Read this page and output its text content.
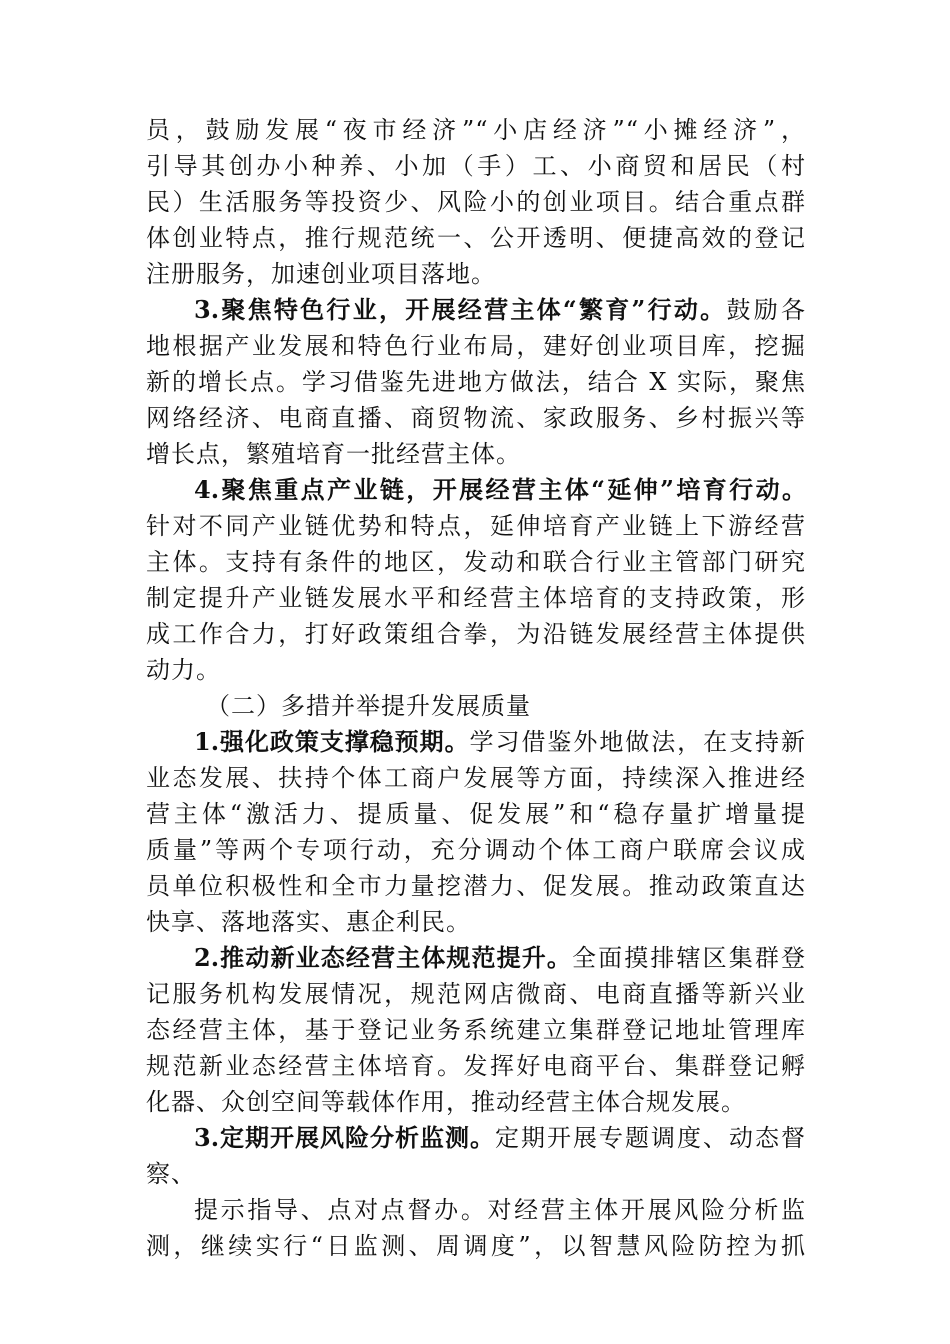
员，鼓励发展“夜市经济”“小店经济”“小摊经济”，
引导其创办小种养、小加（手）工、小商贸和居民（村
民）生活服务等投资少、风险小的创业项目。结合重点群
体创业特点，推行规范统一、公开透明、便捷高效的登记
注册服务，加速创业项目落地。
3.聚焦特色行业，开展经营主体“繁育”行动。鼓励各
地根据产业发展和特色行业布局，建好创业项目库，挖掘
新的增长点。学习借鉴先进地方做法，结合 X 实际，聚焦
网络经济、电商直播、商贸物流、家政服务、乡村振兴等
增长点，繁殖培育一批经营主体。
4.聚焦重点产业链，开展经营主体“延伸”培育行动。
针对不同产业链优势和特点，延伸培育产业链上下游经营
主体。支持有条件的地区，发动和联合行业主管部门研究
制定提升产业链发展水平和经营主体培育的支持政策，形
成工作合力，打好政策组合拳，为沿链发展经营主体提供
动力。
（二）多措并举提升发展质量
1.强化政策支撑稳预期。学习借鉴外地做法，在支持新
业态发展、扶持个体工商户发展等方面，持续深入推进经
营主体“激活力、提质量、促发展”和“稳存量扩增量提
质量”等两个专项行动，充分调动个体工商户联席会议成
员单位积极性和全市力量挖潜力、促发展。推动政策直达
快享、落地落实、惠企利民。
2.推动新业态经营主体规范提升。全面摸排辖区集群登
记服务机构发展情况，规范网店微商、电商直播等新兴业
态经营主体，基于登记业务系统建立集群登记地址管理库
规范新业态经营主体培育。发挥好电商平台、集群登记孵
化器、众创空间等载体作用，推动经营主体合规发展。
3.定期开展风险分析监测。定期开展专题调度、动态督
察、
提示指导、点对点督办。对经营主体开展风险分析监
测，继续实行“日监测、周调度”，以智慧风险防控为抓
